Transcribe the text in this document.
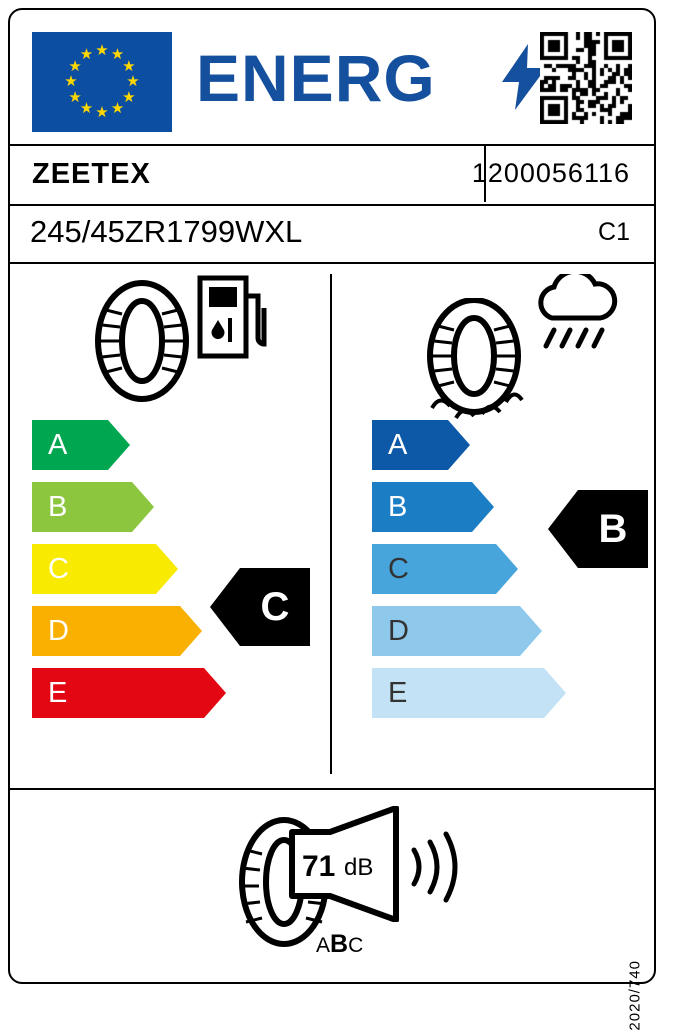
★ ★
★
★
★
★
★
★
★
★
★
★ ENERG
ZEETEX	1200056116
245/45ZR1799WXL	C1
A
B
C
D
E
C
A
B
C
D
E
B
71 dB
ABC
2020/740
